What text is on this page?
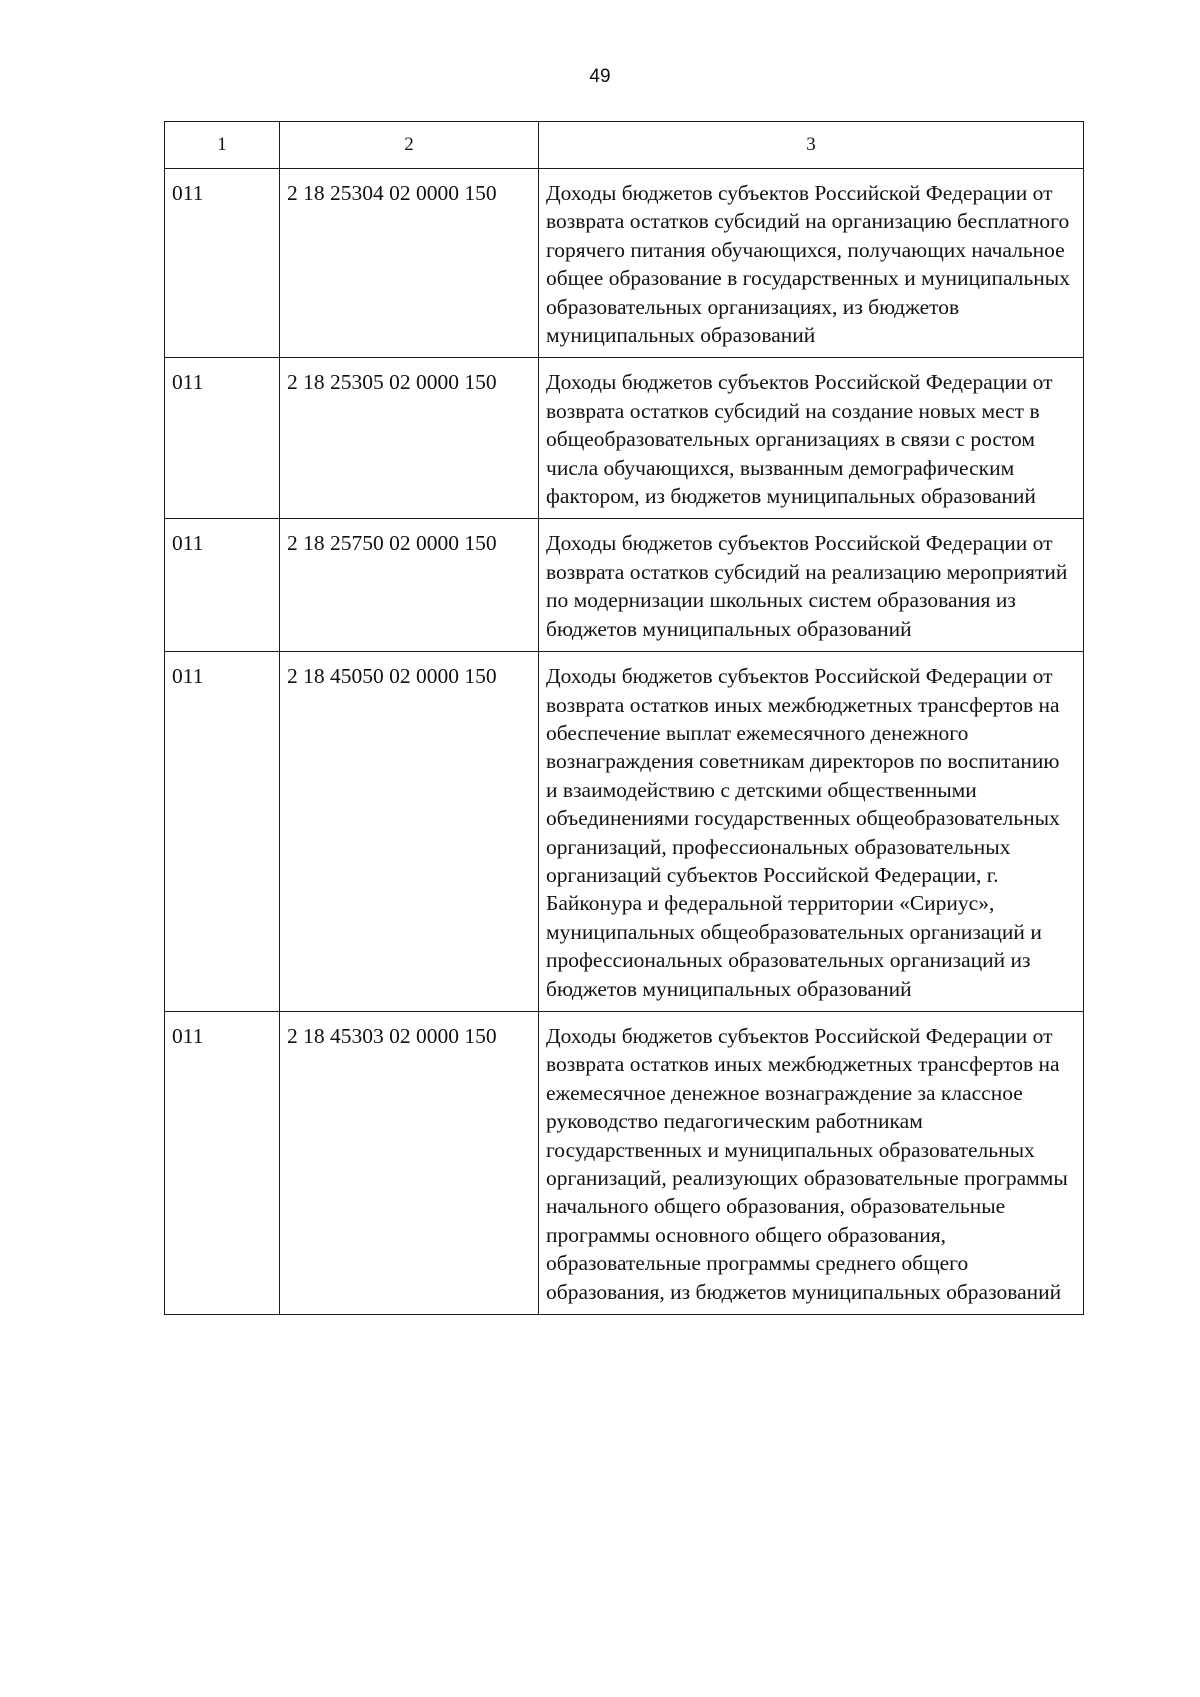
49
1	2	3
011	2 18 25304 02 0000 150	Доходы бюджетов субъектов Российской Федерации от возврата остатков субсидий на организацию бесплатного горячего питания обучающихся, получающих начальное общее образование в государственных и муниципальных образовательных организациях, из бюджетов муниципальных образований
011	2 18 25305 02 0000 150	Доходы бюджетов субъектов Российской Федерации от возврата остатков субсидий на создание новых мест в общеобразовательных организациях в связи с ростом числа обучающихся, вызванным демографическим фактором, из бюджетов муниципальных образований
011	2 18 25750 02 0000 150	Доходы бюджетов субъектов Российской Федерации от возврата остатков субсидий на реализацию мероприятий по модернизации школьных систем образования из бюджетов муниципальных образований
011	2 18 45050 02 0000 150	Доходы бюджетов субъектов Российской Федерации от возврата остатков иных межбюджетных трансфертов на обеспечение выплат ежемесячного денежного вознаграждения советникам директоров по воспитанию и взаимодействию с детскими общественными объединениями государственных общеобразовательных организаций, профессиональных образовательных организаций субъектов Российской Федерации, г. Байконура и федеральной территории «Сириус», муниципальных общеобразовательных организаций и профессиональных образовательных организаций из бюджетов муниципальных образований
011	2 18 45303 02 0000 150	Доходы бюджетов субъектов Российской Федерации от возврата остатков иных межбюджетных трансфертов на ежемесячное денежное вознаграждение за классное руководство педагогическим работникам государственных и муниципальных образовательных организаций, реализующих образовательные программы начального общего образования, образовательные программы основного общего образования, образовательные программы среднего общего образования, из бюджетов муниципальных образований
